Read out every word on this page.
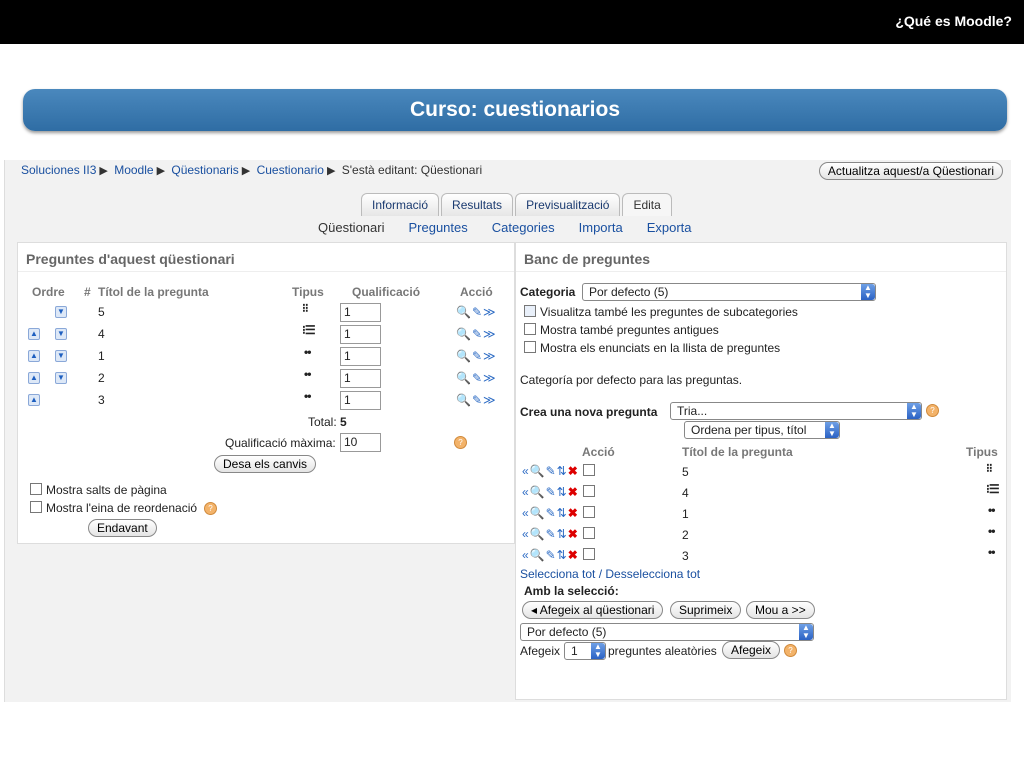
¿Qué es Moodle?
Curso: cuestionarios
Soluciones II3 ▶ Moodle ▶ Qüestionaris ▶ Cuestionario ▶ S'està editant: Qüestionari	Actualitza aquest/a Qüestionari
Informació Resultats Previsualització Edita
Qüestionari Preguntes Categories Importa Exporta
Preguntes d'aquest qüestionari
Ordre # Títol de la pregunta	Tipus Qualificació	Acció
▼	5	⁝⁝	1	🔍✎≫
▲ ▼	4	⁝☰	1	🔍✎≫
▲ ▼	1	••	1	🔍✎≫
▲ ▼	2	••	1	🔍✎≫
▲	3	••	1	🔍✎≫
Total: 5
Qualificació màxima: 10	?
Desa els canvis
Mostra salts de pàgina
Mostra l'eina de reordenació	?
Endavant
Banc de preguntes
Categoria	Por defecto (5)	▲
▼
Visualitza també les preguntes de subcategories
Mostra també preguntes antigues
Mostra els enunciats en la llista de preguntes
Categoría por defecto para las preguntas.
Crea una nova pregunta	Tria...	▲
▼	?
Ordena per tipus, títol	▲
▼
Acció	Títol de la pregunta	Tipus
«🔍✎⇅✖	5	⁝⁝
«🔍✎⇅✖	4	⁝☰
«🔍✎⇅✖	1	••
«🔍✎⇅✖	2	••
«🔍✎⇅✖	3	••
Selecciona tot / Desselecciona tot
Amb la selecció:
◂ Afegeix al qüestionari	Suprimeix	Mou a >>
Por defecto (5)	▲
▼
Afegeix 1	▲
▼ preguntes aleatòries	Afegeix	?
